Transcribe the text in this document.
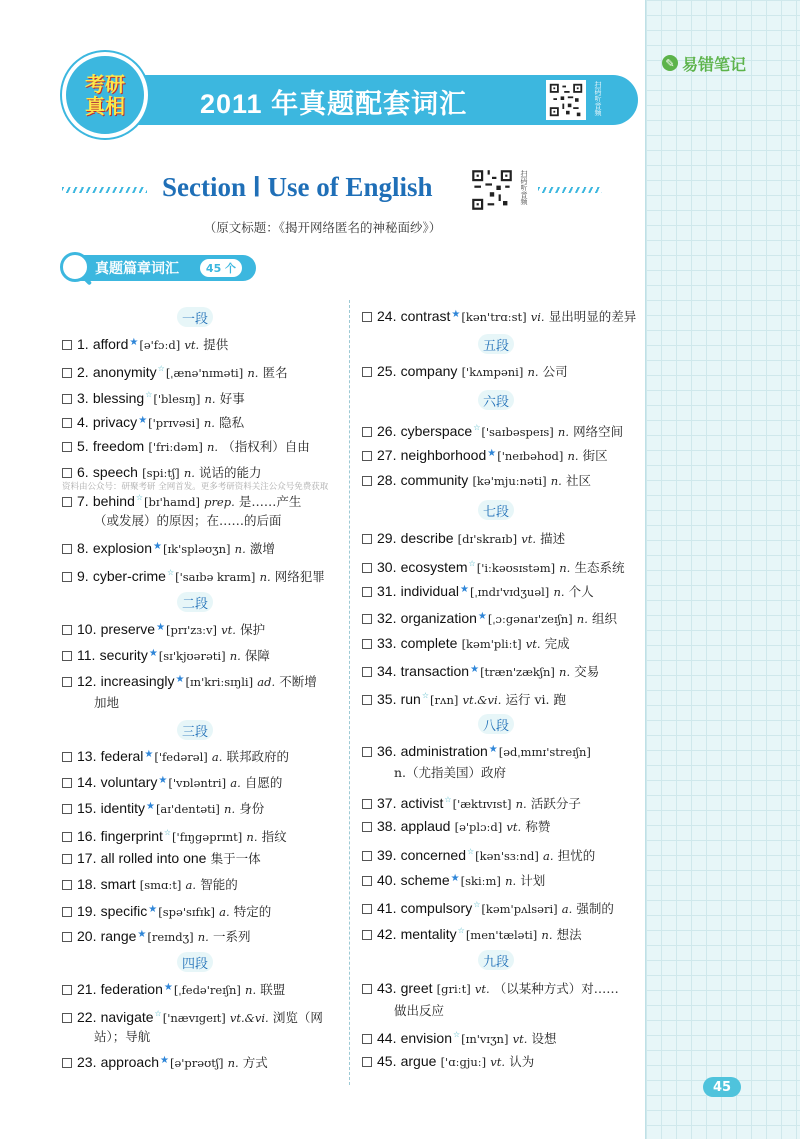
✎ 易错笔记
45
2011 年真题配套词汇	扫码听音频
考研
真相
Section Ⅰ Use of English	扫码听音频
（原文标题：《揭开网络匿名的神秘面纱》）
真题篇章词汇	45 个
资料由公众号：研聚考研 全网首发。更多考研资料关注公众号免费获取
一段
二段
三段
四段
五段
六段
七段
八段
九段
1. afford★[ə'fɔːd] vt. 提供
2. anonymity☆[ˌænə'nɪməti] n. 匿名
3. blessing☆['blesɪŋ] n. 好事
4. privacy★['prɪvəsi] n. 隐私
5. freedom ['friːdəm] n. （指权利）自由
6. speech [spiːtʃ] n. 说话的能力
7. behind☆[bɪ'haɪnd] prep. 是……产生
（或发展）的原因；在……的后面
8. explosion★[ɪk'spləʊʒn] n. 激增
9. cyber-crime☆['saɪbə kraɪm] n. 网络犯罪
10. preserve★[prɪ'zɜːv] vt. 保护
11. security★[sɪ'kjʊərəti] n. 保障
12. increasingly★[ɪn'kriːsɪŋli] ad. 不断增
加地
13. federal★['fedərəl] a. 联邦政府的
14. voluntary★['vɒləntri] a. 自愿的
15. identity★[aɪ'dentəti] n. 身份
16. fingerprint☆['fɪŋgəprɪnt] n. 指纹
17. all rolled into one 集于一体
18. smart [smɑːt] a. 智能的
19. specific★[spə'sɪfɪk] a. 特定的
20. range★[reɪndʒ] n. 一系列
21. federation★[ˌfedə'reɪʃn] n. 联盟
22. navigate☆['nævɪgeɪt] vt.&vi. 浏览（网
站）；导航
23. approach★[ə'prəʊtʃ] n. 方式
24. contrast★[kən'trɑːst] vi. 显出明显的差异
25. company ['kʌmpəni] n. 公司
26. cyberspace☆['saɪbəspeɪs] n. 网络空间
27. neighborhood★['neɪbəhʊd] n. 街区
28. community [kə'mjuːnəti] n. 社区
29. describe [dɪ'skraɪb] vt. 描述
30. ecosystem☆['iːkəʊsɪstəm] n. 生态系统
31. individual★[ˌɪndɪ'vɪdʒuəl] n. 个人
32. organization★[ˌɔːgənaɪ'zeɪʃn] n. 组织
33. complete [kəm'pliːt] vt. 完成
34. transaction★[træn'zækʃn] n. 交易
35. run☆[rʌn] vt.&vi. 运行 vi. 跑
36. administration★[ədˌmɪnɪ'streɪʃn]
n.（尤指美国）政府
37. activist☆['æktɪvɪst] n. 活跃分子
38. applaud [ə'plɔːd] vt. 称赞
39. concerned☆[kən'sɜːnd] a. 担忧的
40. scheme★[skiːm] n. 计划
41. compulsory☆[kəm'pʌlsəri] a. 强制的
42. mentality☆[men'tæləti] n. 想法
43. greet [griːt] vt. （以某种方式）对……
做出反应
44. envision☆[ɪn'vɪʒn] vt. 设想
45. argue ['ɑːgjuː] vt. 认为
